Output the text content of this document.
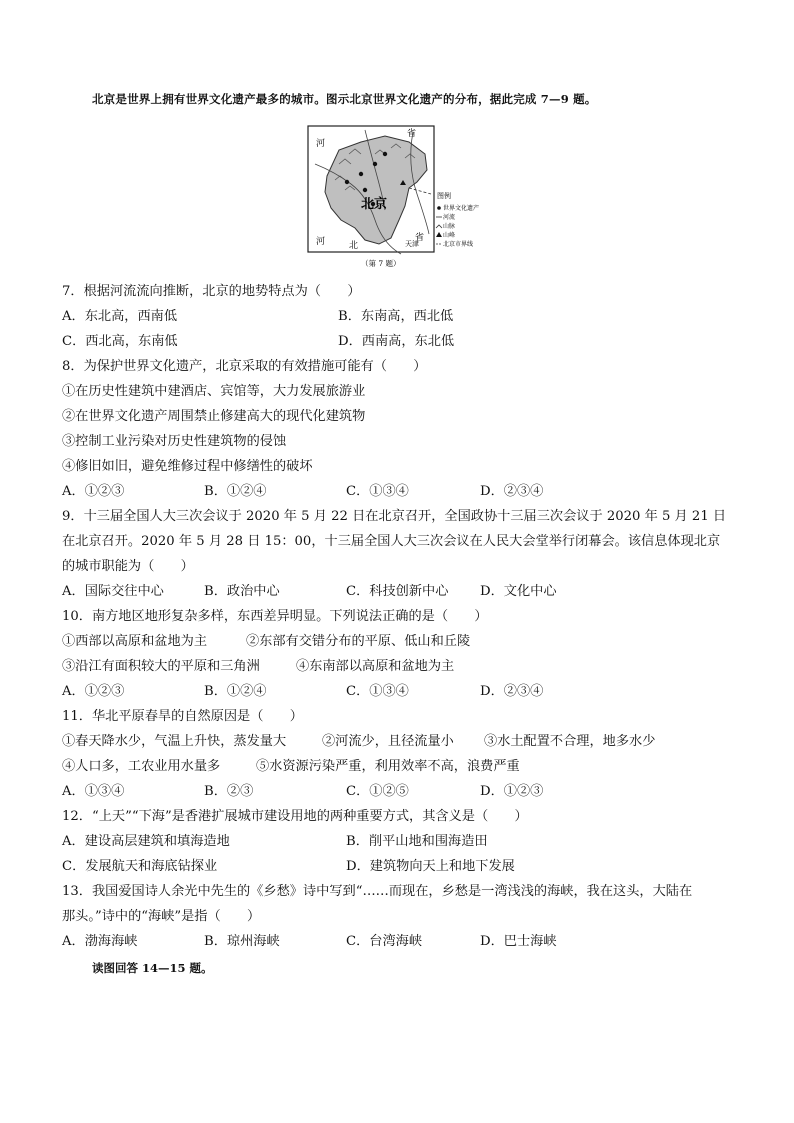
北京是世界上拥有世界文化遗产最多的城市。图示北京世界文化遗产的分布，据此完成 7—9 题。
河
省
河	北
省
北京
天津
图例
世界文化遗产
河流
山脉
山峰
北京市界线
（第 7 题）
7．根据河流流向推断，北京的地势特点为（　　）
A．东北高，西南低	B．东南高，西北低
C．西北高，东南低	D．西南高，东北低
8．为保护世界文化遗产，北京采取的有效措施可能有（　　）
①在历史性建筑中建酒店、宾馆等，大力发展旅游业
②在世界文化遗产周围禁止修建高大的现代化建筑物
③控制工业污染对历史性建筑物的侵蚀
④修旧如旧，避免维修过程中修缮性的破坏
A．①②③	B．①②④	C．①③④	D．②③④
9．十三届全国人大三次会议于 2020 年 5 月 22 日在北京召开，全国政协十三届三次会议于 2020 年 5 月 21 日
在北京召开。2020 年 5 月 28 日 15：00，十三届全国人大三次会议在人民大会堂举行闭幕会。该信息体现北京
的城市职能为（　　）
A．国际交往中心	B．政治中心	C．科技创新中心 D．文化中心
10．南方地区地形复杂多样，东西差异明显。下列说法正确的是（　　）
①西部以高原和盆地为主	②东部有交错分布的平原、低山和丘陵
③沿江有面积较大的平原和三角洲	④东南部以高原和盆地为主
A．①②③	B．①②④	C．①③④	D．②③④
11．华北平原春旱的自然原因是（　　）
①春天降水少，气温上升快，蒸发量大	②河流少，且径流量小 ③水土配置不合理，地多水少
④人口多，工农业用水量多	⑤水资源污染严重，利用效率不高，浪费严重
A．①③④	B．②③	C．①②⑤	D．①②③
12．“上天”“下海”是香港扩展城市建设用地的两种重要方式，其含义是（　　）
A．建设高层建筑和填海造地	B．削平山地和围海造田
C．发展航天和海底钻探业	D．建筑物向天上和地下发展
13．我国爱国诗人余光中先生的《乡愁》诗中写到“……而现在，乡愁是一湾浅浅的海峡，我在这头，大陆在
那头。”诗中的“海峡”是指（　　）
A．渤海海峡	B．琼州海峡	C．台湾海峡	D．巴士海峡
读图回答 14—15 题。
